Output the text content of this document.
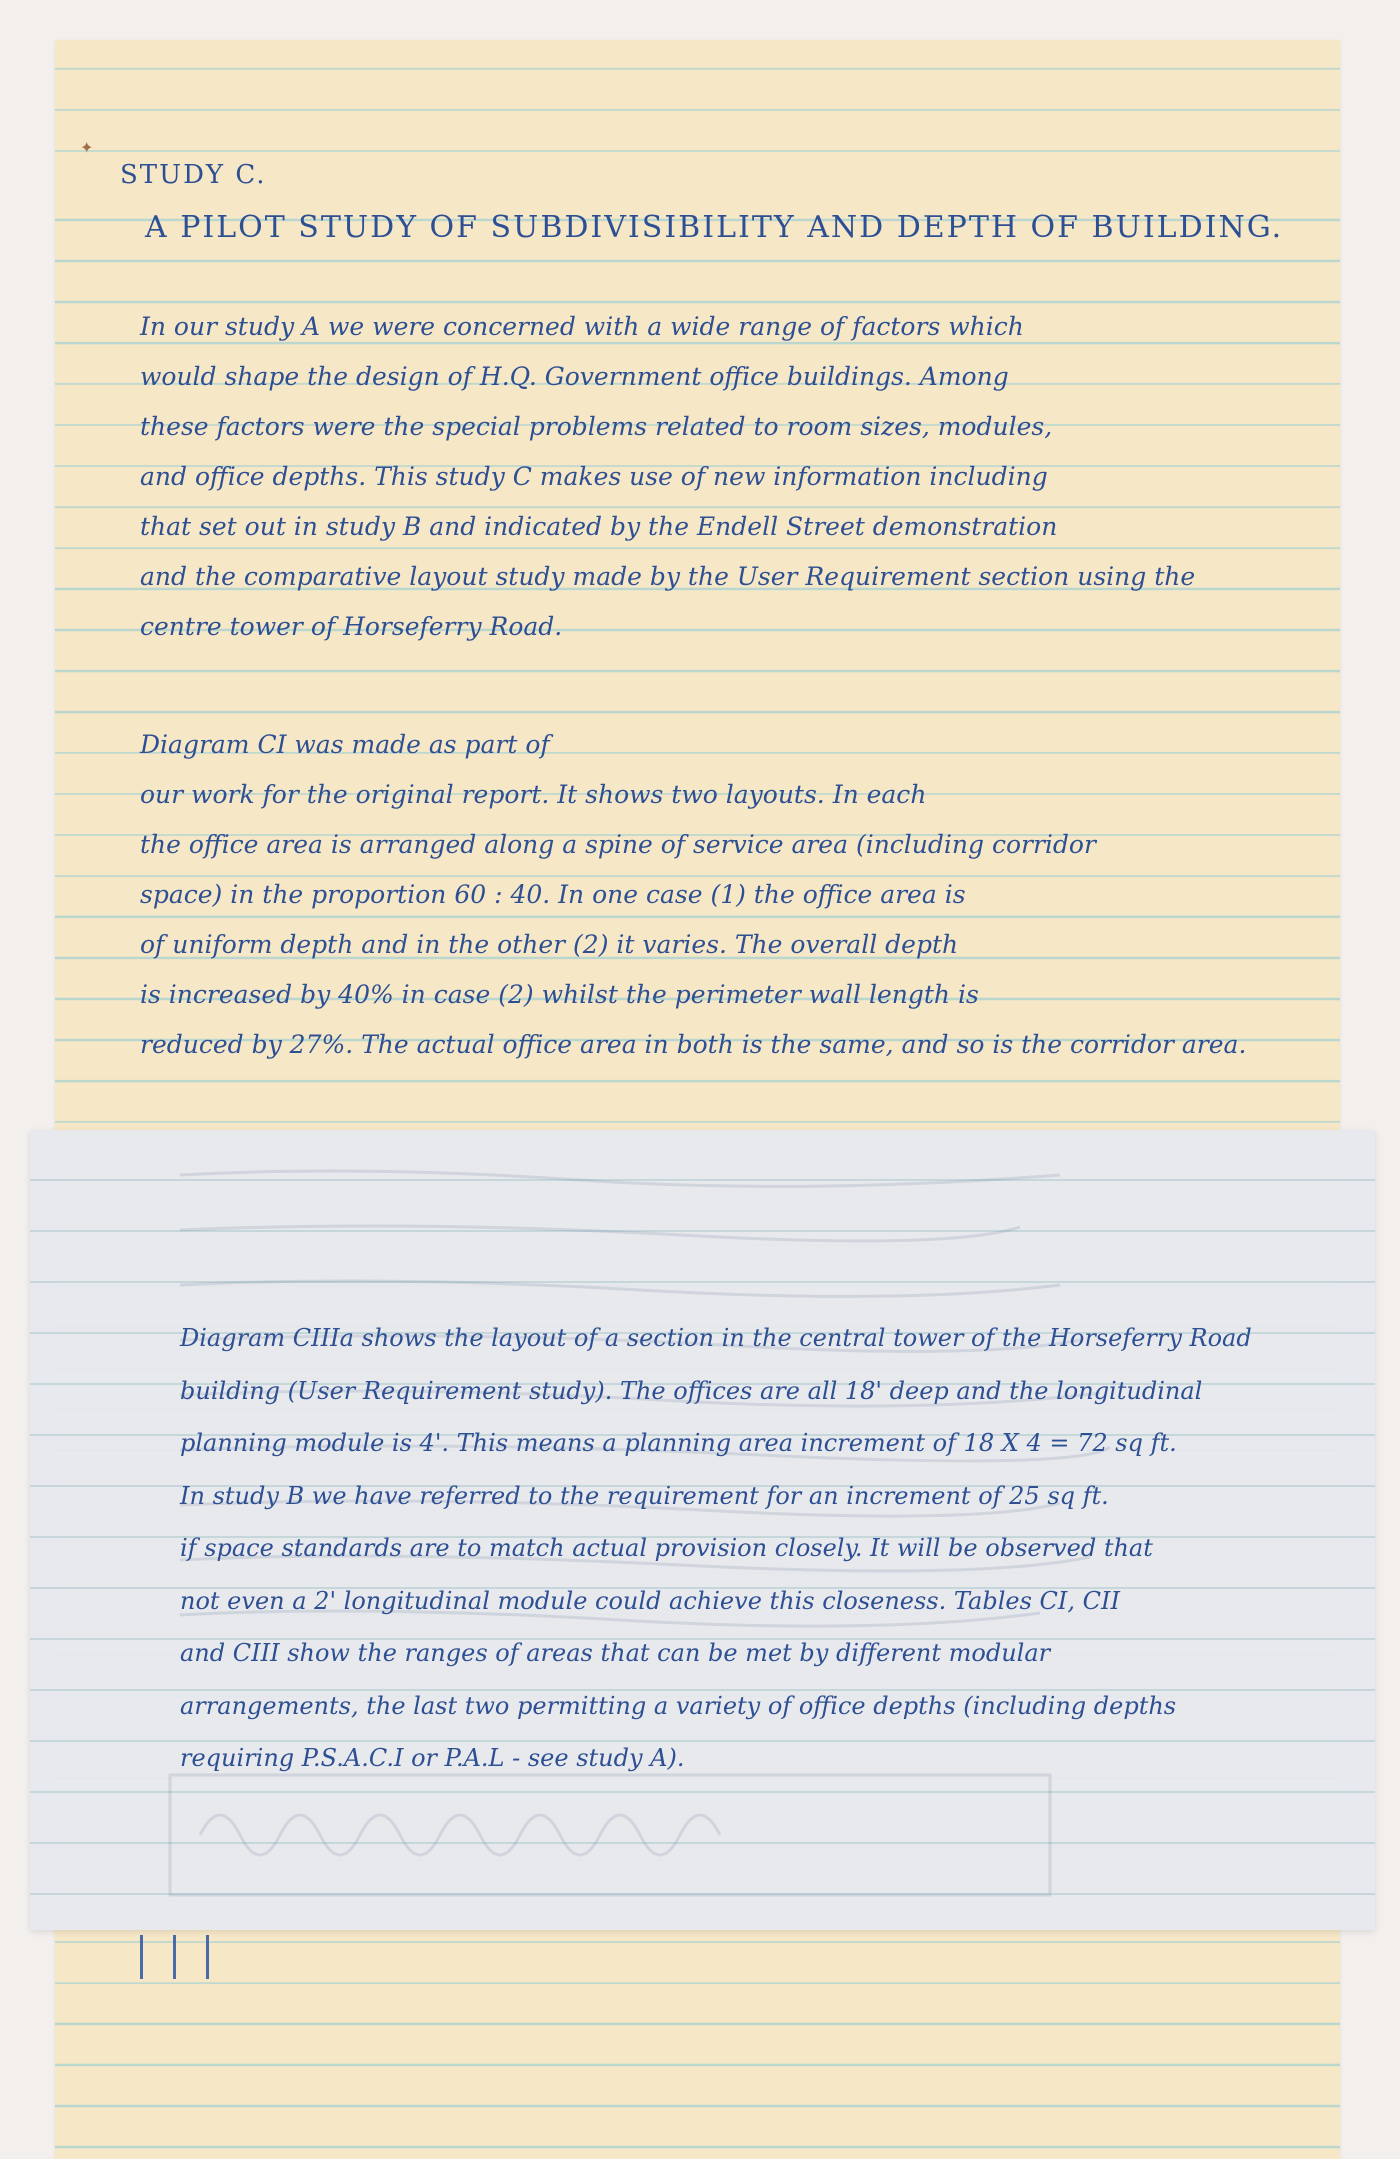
✦
STUDY C.
A PILOT STUDY OF SUBDIVISIBILITY AND DEPTH OF BUILDING.
In our study A we were concerned with a wide range of factors which
would shape the design of H.Q. Government office buildings. Among
these factors were the special problems related to room sizes, modules,
and office depths. This study C makes use of new information including
that set out in study B and indicated by the Endell Street demonstration
and the comparative layout study made by the User Requirement section using the
centre tower of Horseferry Road.
Diagram CI was made as part of
our work for the original report. It shows two layouts. In each
the office area is arranged along a spine of service area (including corridor
space) in the proportion 60 : 40. In one case (1) the office area is
of uniform depth and in the other (2) it varies. The overall depth
is increased by 40% in case (2) whilst the perimeter wall length is
reduced by 27%. The actual office area in both is the same, and so is the corridor area.
Diagram CIIIa shows the layout of a section in the central tower of the Horseferry Road
building (User Requirement study). The offices are all 18' deep and the longitudinal
planning module is 4'. This means a planning area increment of 18 X 4 = 72 sq ft.
In study B we have referred to the requirement for an increment of 25 sq ft.
if space standards are to match actual provision closely. It will be observed that
not even a 2' longitudinal module could achieve this closeness. Tables CI, CII
and CIII show the ranges of areas that can be met by different modular
arrangements, the last two permitting a variety of office depths (including depths
requiring P.S.A.C.I or P.A.L - see study A).
